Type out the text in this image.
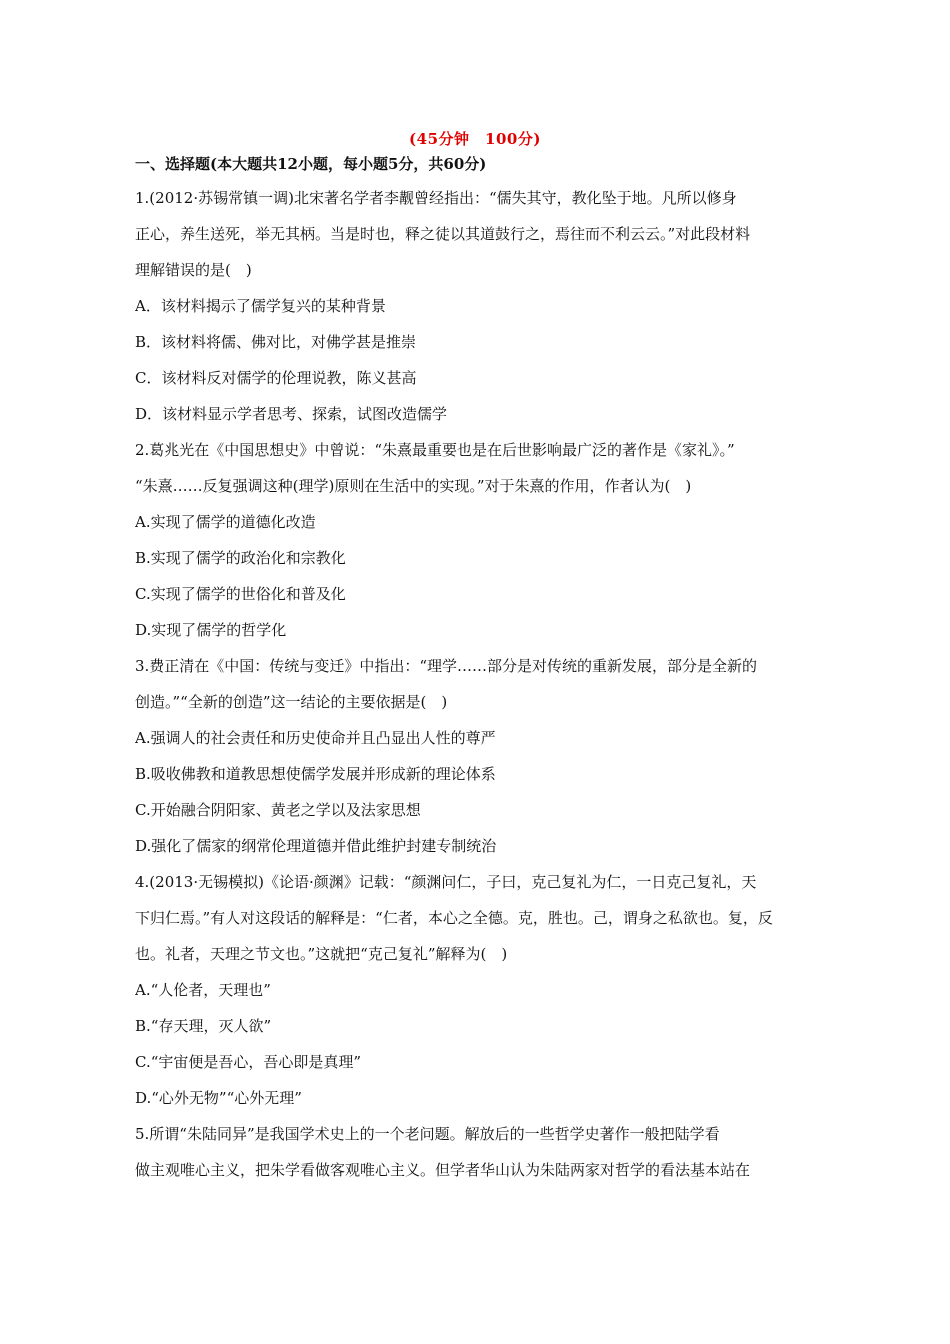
(45分钟　100分)
一、选择题(本大题共12小题，每小题5分，共60分)
1.(2012·苏锡常镇一调)北宋著名学者李觏曾经指出：“儒失其守，教化坠于地。凡所以修身
正心，养生送死，举无其柄。当是时也，释之徒以其道鼓行之，焉往而不利云云。”对此段材料
理解错误的是(　)
A．该材料揭示了儒学复兴的某种背景
B．该材料将儒、佛对比，对佛学甚是推崇
C．该材料反对儒学的伦理说教，陈义甚高
D．该材料显示学者思考、探索，试图改造儒学
2.葛兆光在《中国思想史》中曾说：“朱熹最重要也是在后世影响最广泛的著作是《家礼》。”
“朱熹……反复强调这种(理学)原则在生活中的实现。”对于朱熹的作用，作者认为(　)
A.实现了儒学的道德化改造
B.实现了儒学的政治化和宗教化
C.实现了儒学的世俗化和普及化
D.实现了儒学的哲学化
3.费正清在《中国：传统与变迁》中指出：“理学……部分是对传统的重新发展，部分是全新的
创造。”“全新的创造”这一结论的主要依据是(　)
A.强调人的社会责任和历史使命并且凸显出人性的尊严
B.吸收佛教和道教思想使儒学发展并形成新的理论体系
C.开始融合阴阳家、黄老之学以及法家思想
D.强化了儒家的纲常伦理道德并借此维护封建专制统治
4.(2013·无锡模拟)《论语·颜渊》记载：“颜渊问仁，子曰，克己复礼为仁，一日克己复礼，天
下归仁焉。”有人对这段话的解释是：“仁者，本心之全德。克，胜也。己，谓身之私欲也。复，反
也。礼者，天理之节文也。”这就把“克己复礼”解释为(　)
A.“人伦者，天理也”
B.“存天理，灭人欲”
C.“宇宙便是吾心，吾心即是真理”
D.“心外无物”“心外无理”
5.所谓“朱陆同异”是我国学术史上的一个老问题。解放后的一些哲学史著作一般把陆学看
做主观唯心主义，把朱学看做客观唯心主义。但学者华山认为朱陆两家对哲学的看法基本站在
